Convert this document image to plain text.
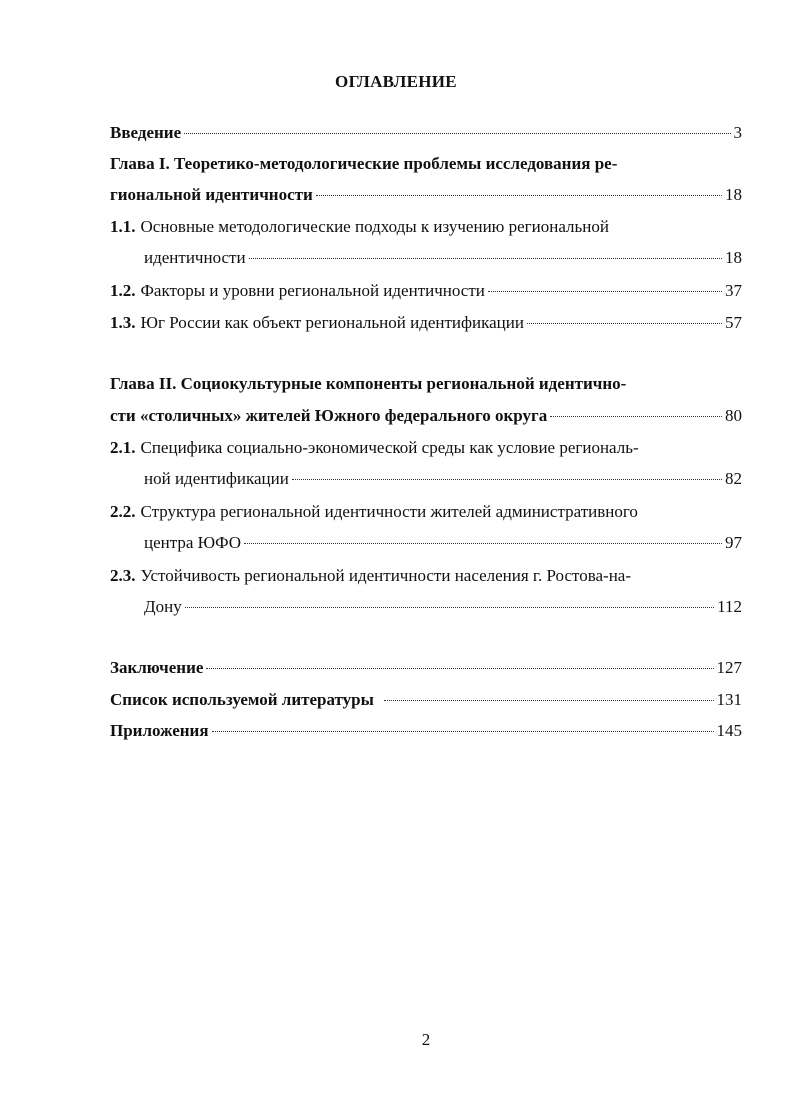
ОГЛАВЛЕНИЕ
Введение	3
Глава I. Теоретико-методологические проблемы исследования ре-
гиональной идентичности	18
1.1. Основные методологические подходы к изучению региональной
идентичности	18
1.2. Факторы и уровни региональной идентичности	37
1.3. Юг России как объект региональной идентификации	57
Глава II. Социокультурные компоненты региональной идентично-
сти «столичных» жителей Южного федерального округа	80
2.1. Специфика социально-экономической среды как условие региональ-
ной идентификации	82
2.2. Структура региональной идентичности жителей административного
центра ЮФО	97
2.3. Устойчивость региональной идентичности населения г. Ростова-на-
Дону	112
Заключение	127
Список используемой литературы	131
Приложения	145
2
